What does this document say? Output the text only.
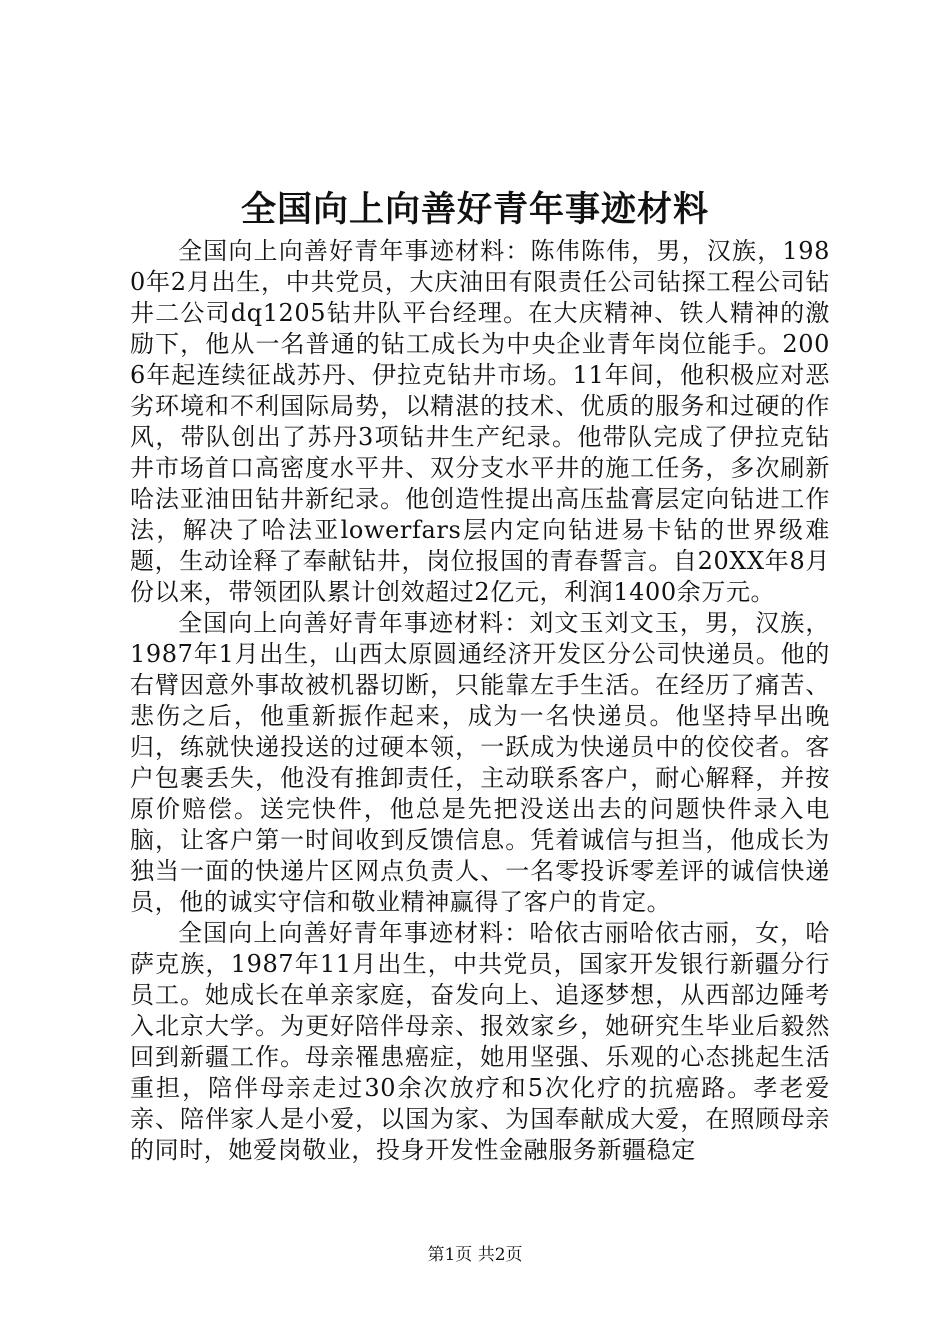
全国向上向善好青年事迹材料

全国向上向善好青年事迹材料：陈伟陈伟，男，汉族，1980年2月出生，中共党员，大庆油田有限责任公司钻探工程公司钻井二公司dq1205钻井队平台经理。在大庆精神、铁人精神的激励下，他从一名普通的钻工成长为中央企业青年岗位能手。2006年起连续征战苏丹、伊拉克钻井市场。11年间，他积极应对恶劣环境和不利国际局势，以精湛的技术、优质的服务和过硬的作风，带队创出了苏丹3项钻井生产纪录。他带队完成了伊拉克钻井市场首口高密度水平井、双分支水平井的施工任务，多次刷新哈法亚油田钻井新纪录。他创造性提出高压盐膏层定向钻进工作法，解决了哈法亚lowerfars层内定向钻进易卡钻的世界级难题，生动诠释了奉献钻井，岗位报国的青春誓言。自20XX年8月份以来，带领团队累计创效超过2亿元，利润1400余万元。

全国向上向善好青年事迹材料：刘文玉刘文玉，男，汉族，1987年1月出生，山西太原圆通经济开发区分公司快递员。他的右臂因意外事故被机器切断，只能靠左手生活。在经历了痛苦、悲伤之后，他重新振作起来，成为一名快递员。他坚持早出晚归，练就快递投送的过硬本领，一跃成为快递员中的佼佼者。客户包裹丢失，他没有推卸责任，主动联系客户，耐心解释，并按原价赔偿。送完快件，他总是先把没送出去的问题快件录入电脑，让客户第一时间收到反馈信息。凭着诚信与担当，他成长为独当一面的快递片区网点负责人、一名零投诉零差评的诚信快递员，他的诚实守信和敬业精神赢得了客户的肯定。

全国向上向善好青年事迹材料：哈依古丽哈依古丽，女，哈萨克族，1987年11月出生，中共党员，国家开发银行新疆分行员工。她成长在单亲家庭，奋发向上、追逐梦想，从西部边陲考入北京大学。为更好陪伴母亲、报效家乡，她研究生毕业后毅然回到新疆工作。母亲罹患癌症，她用坚强、乐观的心态挑起生活重担，陪伴母亲走过30余次放疗和5次化疗的抗癌路。孝老爱亲、陪伴家人是小爱，以国为家、为国奉献成大爱，在照顾母亲的同时，她爱岗敬业，投身开发性金融服务新疆稳定

第1页 共2页
